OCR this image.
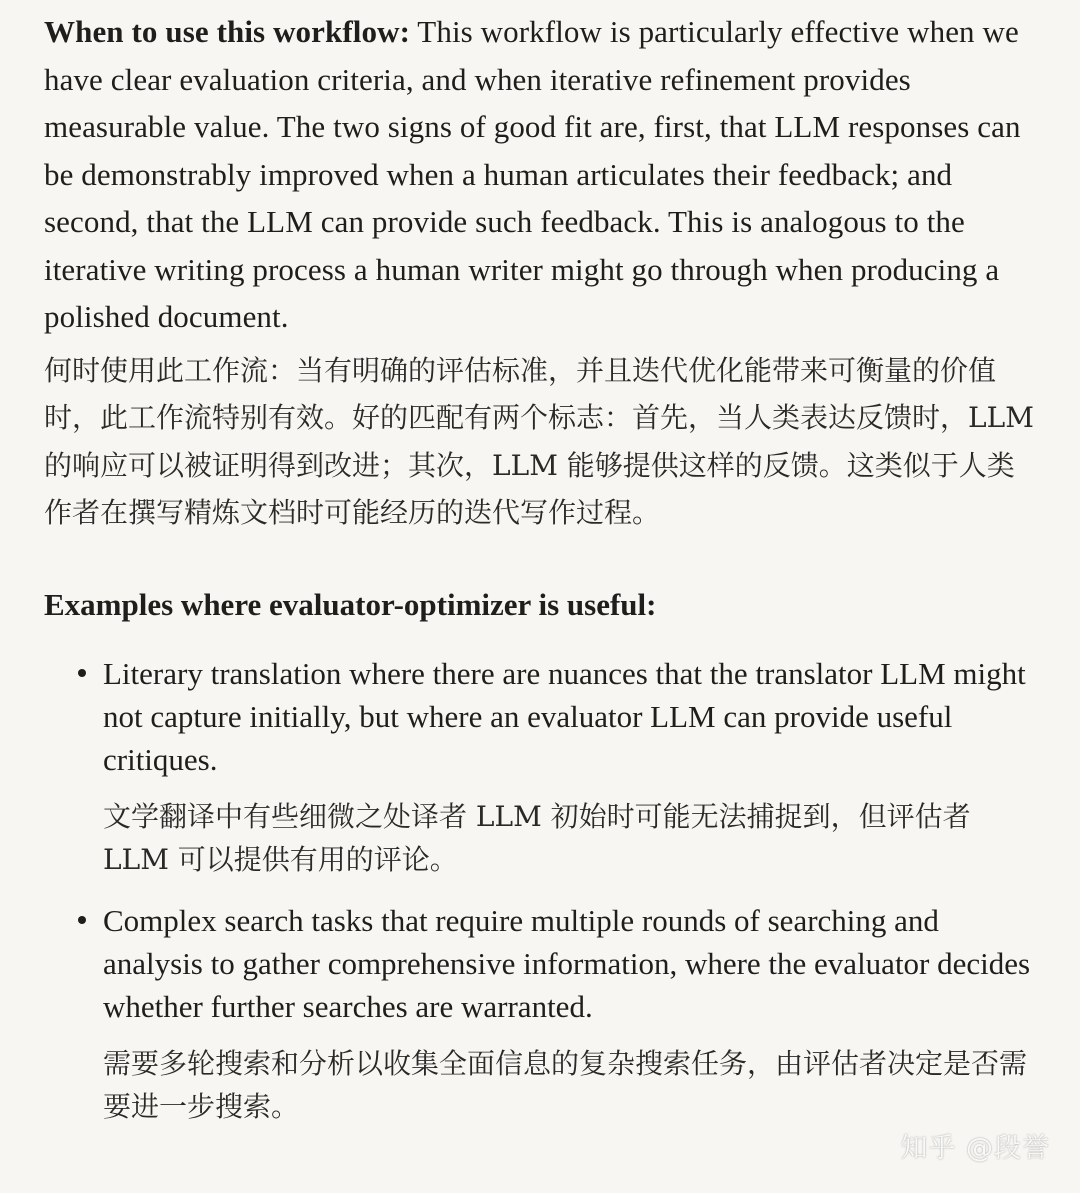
When to use this workflow: This workflow is particularly effective when we have clear evaluation criteria, and when iterative refinement provides measurable value. The two signs of good fit are, first, that LLM responses can be demonstrably improved when a human articulates their feedback; and second, that the LLM can provide such feedback. This is analogous to the iterative writing process a human writer might go through when producing a polished document.

何时使用此工作流：当有明确的评估标准，并且迭代优化能带来可衡量的价值时，此工作流特别有效。好的匹配有两个标志：首先，当人类表达反馈时，LLM 的响应可以被证明得到改进；其次，LLM 能够提供这样的反馈。这类似于人类作者在撰写精炼文档时可能经历的迭代写作过程。

Examples where evaluator-optimizer is useful:

Literary translation where there are nuances that the translator LLM might not capture initially, but where an evaluator LLM can provide useful critiques.

文学翻译中有些细微之处译者 LLM 初始时可能无法捕捉到，但评估者 LLM 可以提供有用的评论。

Complex search tasks that require multiple rounds of searching and analysis to gather comprehensive information, where the evaluator decides whether further searches are warranted.

需要多轮搜索和分析以收集全面信息的复杂搜索任务，由评估者决定是否需要进一步搜索。

知乎 @段誉
